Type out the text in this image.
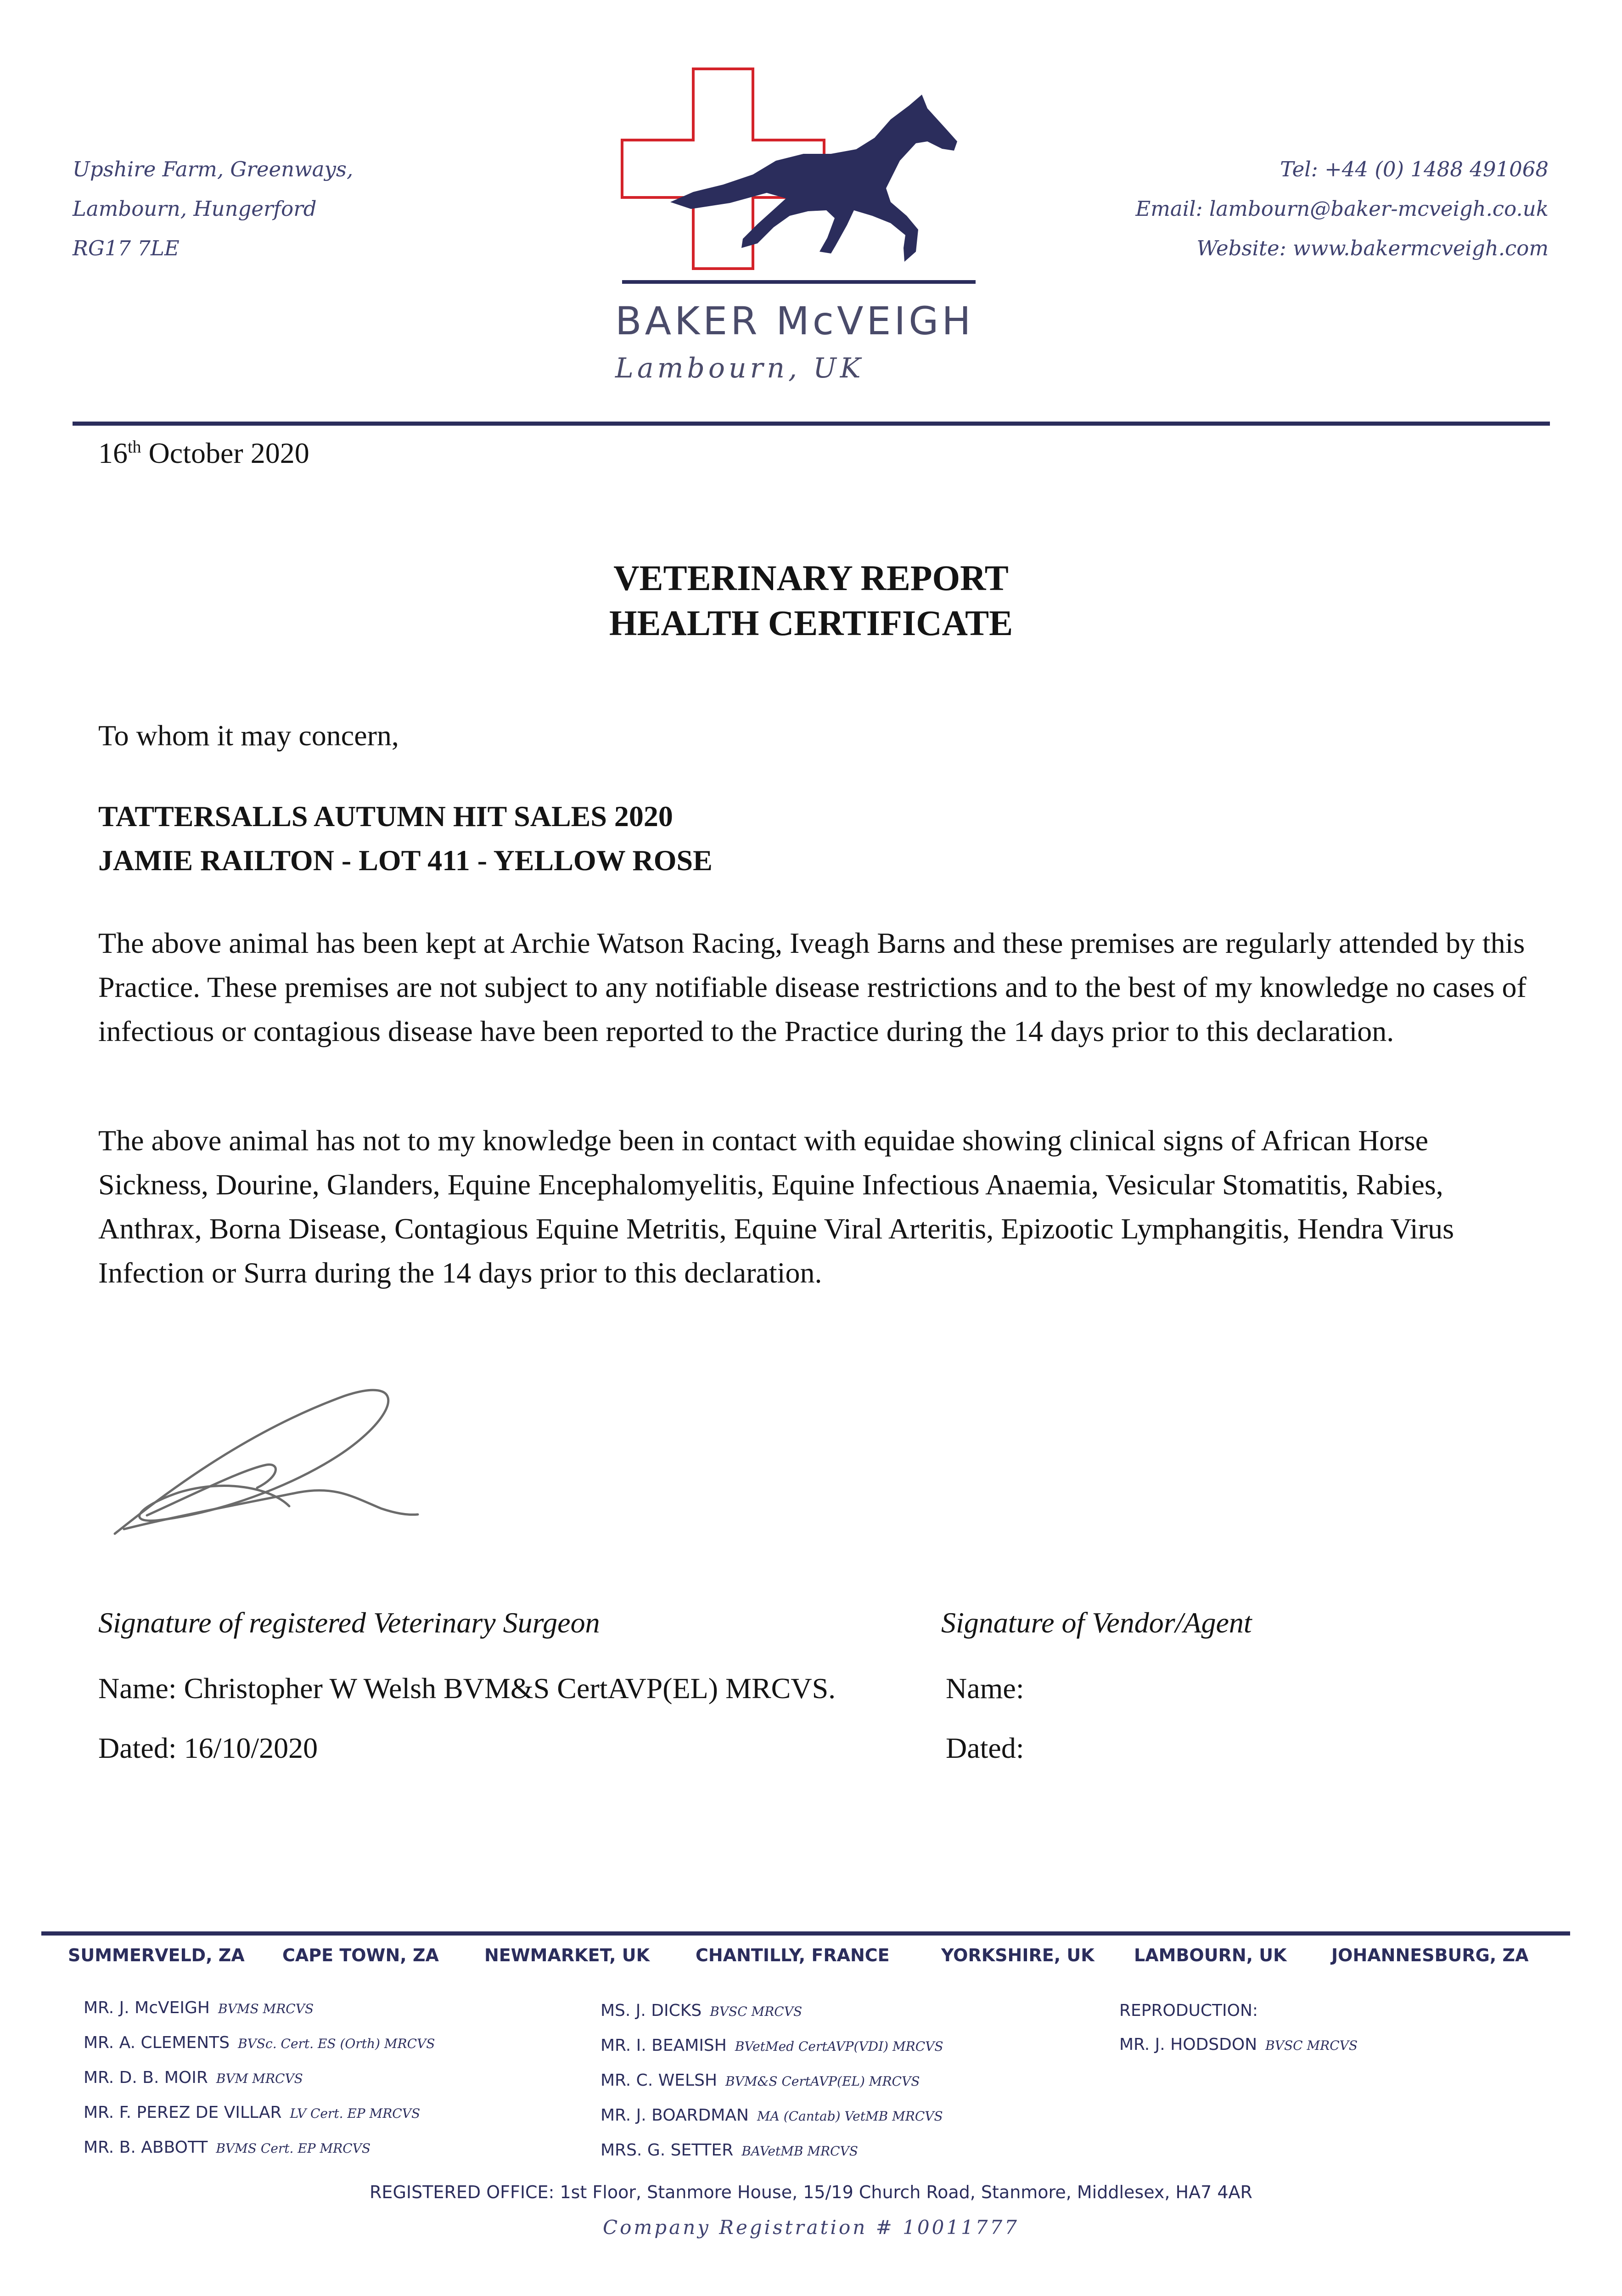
Upshire Farm, Greenways,
Lambourn, Hungerford
RG17 7LE
Tel: +44 (0) 1488 491068
Email: lambourn@baker-mcveigh.co.uk
Website: www.bakermcveigh.com
BAKER McVEIGH
Lambourn, UK
16th October 2020
VETERINARY REPORT
HEALTH CERTIFICATE
To whom it may concern,
TATTERSALLS AUTUMN HIT SALES 2020
JAMIE RAILTON - LOT 411 - YELLOW ROSE
The above animal has been kept at Archie Watson Racing, Iveagh Barns and these premises are regularly attended by this Practice. These premises are not subject to any notifiable disease restrictions and to the best of my knowledge no cases of infectious or contagious disease have been reported to the Practice during the 14 days prior to this declaration.
The above animal has not to my knowledge been in contact with equidae showing clinical signs of African Horse Sickness, Dourine, Glanders, Equine Encephalomyelitis, Equine Infectious Anaemia, Vesicular Stomatitis, Rabies, Anthrax, Borna Disease, Contagious Equine Metritis, Equine Viral Arteritis, Epizootic Lymphangitis, Hendra Virus Infection or Surra during the 14 days prior to this declaration.
Signature of registered Veterinary Surgeon	Signature of Vendor/Agent
Name: Christopher W Welsh BVM&S CertAVP(EL) MRCVS.	Name:
Dated: 16/10/2020	Dated:
SUMMERVELD, ZA CAPE TOWN, ZA	NEWMARKET, UK	CHANTILLY, FRANCE	YORKSHIRE, UK LAMBOURN, UK	JOHANNESBURG, ZA
MR. J. McVEIGH BVMS MRCVS
MR. A. CLEMENTS BVSc. Cert. ES (Orth) MRCVS
MR. D. B. MOIR BVM MRCVS
MR. F. PEREZ DE VILLAR LV Cert. EP MRCVS
MR. B. ABBOTT BVMS Cert. EP MRCVS
MS. J. DICKS BVSC MRCVS
MR. I. BEAMISH BVetMed CertAVP(VDI) MRCVS
MR. C. WELSH BVM&S CertAVP(EL) MRCVS
MR. J. BOARDMAN MA (Cantab) VetMB MRCVS
MRS. G. SETTER BAVetMB MRCVS
REPRODUCTION:
MR. J. HODSDON BVSC MRCVS
REGISTERED OFFICE: 1st Floor, Stanmore House, 15/19 Church Road, Stanmore, Middlesex, HA7 4AR
Company Registration # 10011777
